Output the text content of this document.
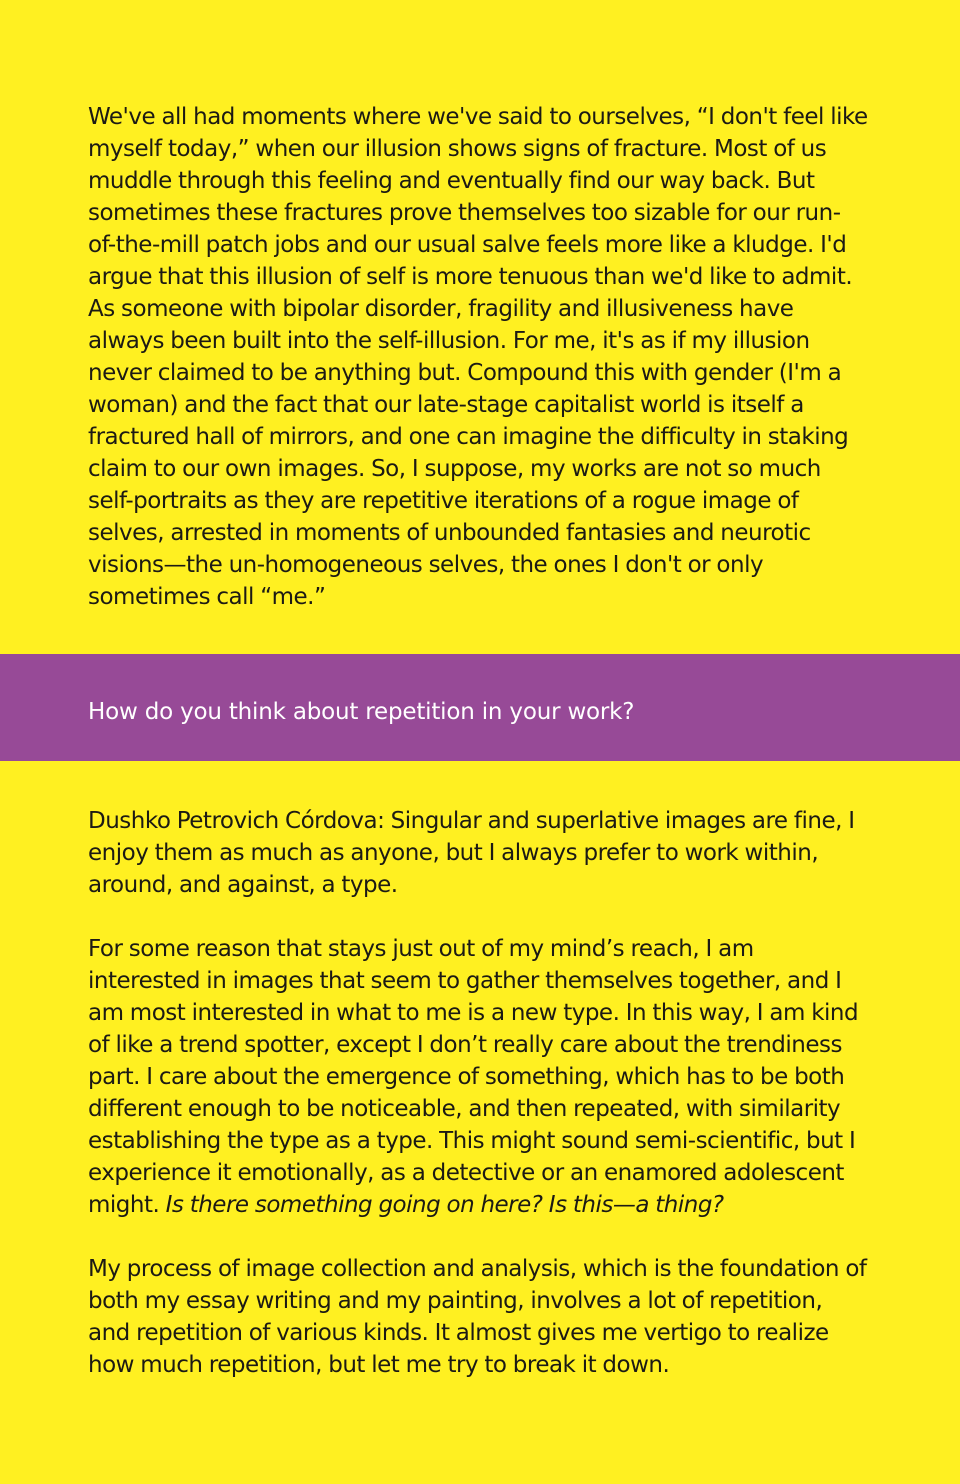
We've all had moments where we've said to ourselves, “I don't feel like myself today,” when our illusion shows signs of fracture. Most of us muddle through this feeling and eventually find our way back. But sometimes these fractures prove themselves too sizable for our run-of-the-mill patch jobs and our usual salve feels more like a kludge. I'd argue that this illusion of self is more tenuous than we'd like to admit. As someone with bipolar disorder, fragility and illusiveness have always been built into the self-illusion. For me, it's as if my illusion never claimed to be anything but. Compound this with gender (I'm a woman) and the fact that our late-stage capitalist world is itself a fractured hall of mirrors, and one can imagine the difficulty in staking claim to our own images. So, I suppose, my works are not so much self-portraits as they are repetitive iterations of a rogue image of selves, arrested in moments of unbounded fantasies and neurotic visions—the un-homogeneous selves, the ones I don't or only sometimes call “me.”

How do you think about repetition in your work?

Dushko Petrovich Córdova: Singular and superlative images are fine, I enjoy them as much as anyone, but I always prefer to work within, around, and against, a type.

For some reason that stays just out of my mind’s reach, I am interested in images that seem to gather themselves together, and I am most interested in what to me is a new type. In this way, I am kind of like a trend spotter, except I don’t really care about the trendiness part. I care about the emergence of something, which has to be both different enough to be noticeable, and then repeated, with similarity establishing the type as a type. This might sound semi-scientific, but I experience it emotionally, as a detective or an enamored adolescent might. Is there something going on here? Is this—a thing?

My process of image collection and analysis, which is the foundation of both my essay writing and my painting, involves a lot of repetition, and repetition of various kinds. It almost gives me vertigo to realize how much repetition, but let me try to break it down.
